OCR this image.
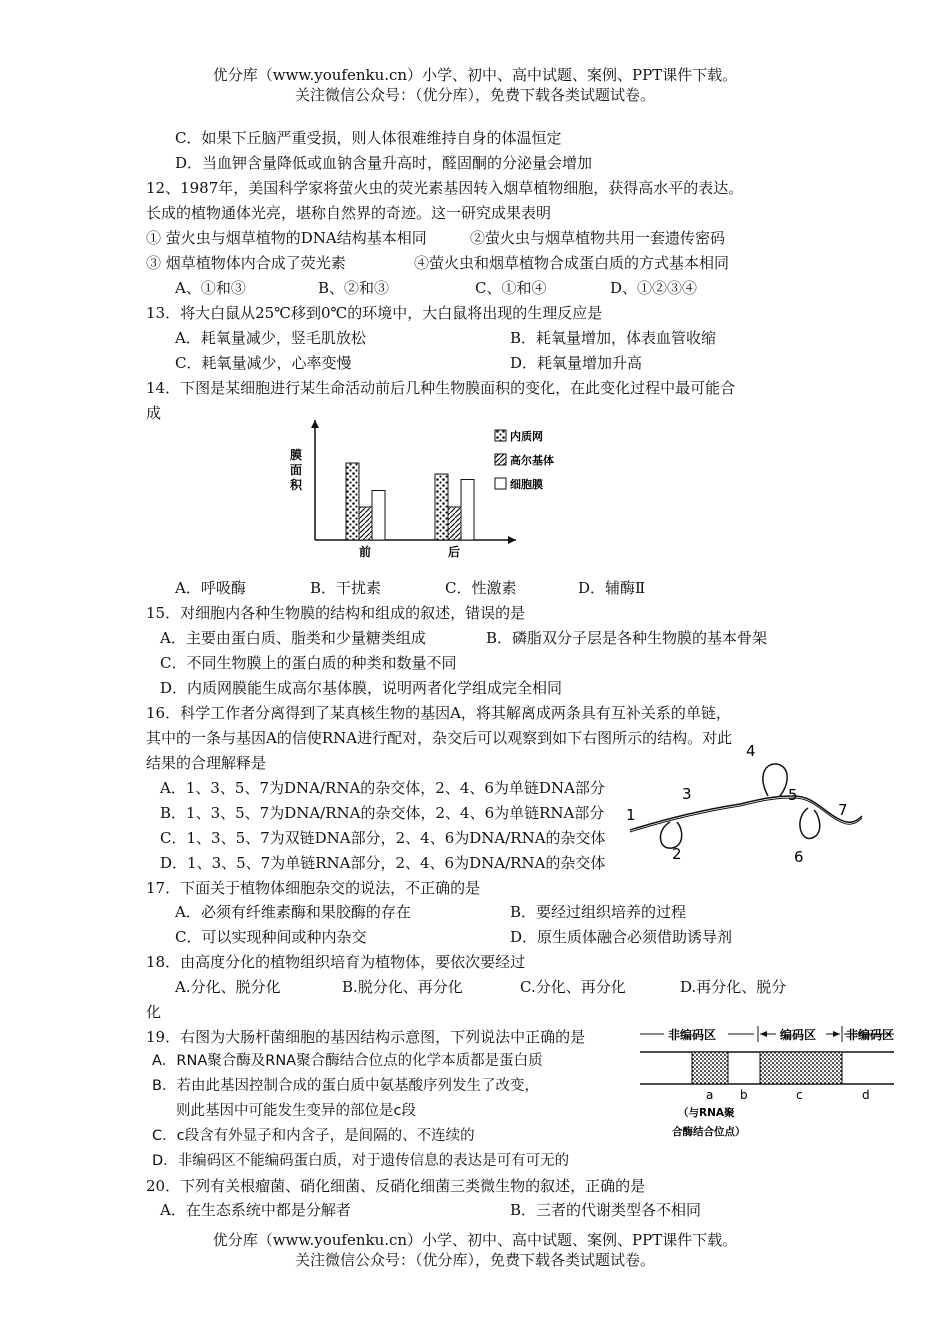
优分库（www.youfenku.cn）小学、初中、高中试题、案例、PPT课件下载。
关注微信公众号：（优分库），免费下载各类试题试卷。
C．如果下丘脑严重受损，则人体很难维持自身的体温恒定
D．当血钾含量降低或血钠含量升高时，醛固酮的分泌量会增加
12、1987年，美国科学家将萤火虫的荧光素基因转入烟草植物细胞，获得高水平的表达。
长成的植物通体光亮，堪称自然界的奇迹。这一研究成果表明
① 萤火虫与烟草植物的DNA结构基本相同	②萤火虫与烟草植物共用一套遗传密码
③ 烟草植物体内合成了荧光素	④萤火虫和烟草植物合成蛋白质的方式基本相同
A、①和③	B、②和③	C、①和④	D、①②③④
13．将大白鼠从25℃移到0℃的环境中，大白鼠将出现的生理反应是
A．耗氧量减少，竖毛肌放松	B．耗氧量增加，体表血管收缩
C．耗氧量减少，心率变慢	D．耗氧量增加升高
14．下图是某细胞进行某生命活动前后几种生物膜面积的变化，在此变化过程中最可能合
成
膜
面
积
前	后
内质网
高尔基体
细胞膜
A．呼吸酶	B．干扰素	C．性激素	D．辅酶Ⅱ
15．对细胞内各种生物膜的结构和组成的叙述，错误的是
A．主要由蛋白质、脂类和少量糖类组成	B．磷脂双分子层是各种生物膜的基本骨架
C．不同生物膜上的蛋白质的种类和数量不同
D．内质网膜能生成高尔基体膜，说明两者化学组成完全相同
16．科学工作者分离得到了某真核生物的基因A，将其解离成两条具有互补关系的单链，
其中的一条与基因A的信使RNA进行配对，杂交后可以观察到如下右图所示的结构。对此
结果的合理解释是
A．1、3、5、7为DNA/RNA的杂交体，2、4、6为单链DNA部分
B．1、3、5、7为DNA/RNA的杂交体，2、4、6为单链RNA部分
C．1、3、5、7为双链DNA部分，2、4、6为DNA/RNA的杂交体
D．1、3、5、7为单链RNA部分，2、4、6为DNA/RNA的杂交体
1
2
3
4
5
6
7
17．下面关于植物体细胞杂交的说法，不正确的是
A．必须有纤维素酶和果胶酶的存在	B．要经过组织培养的过程
C．可以实现种间或种内杂交	D．原生质体融合必须借助诱导剂
18．由高度分化的植物组织培育为植物体，要依次要经过
A.分化、脱分化	B.脱分化、再分化	C.分化、再分化	D.再分化、脱分
化
19．右图为大肠杆菌细胞的基因结构示意图，下列说法中正确的是
A．RNA聚合酶及RNA聚合酶结合位点的化学本质都是蛋白质
B．若由此基因控制合成的蛋白质中氨基酸序列发生了改变，
则此基因中可能发生变异的部位是c段
C．c段含有外显子和内含子，是间隔的、不连续的
D．非编码区不能编码蛋白质，对于遗传信息的表达是可有可无的
非编码区	编码区 非编码区
a b	c	d
（与RNA聚
合酶结合位点）
20．下列有关根瘤菌、硝化细菌、反硝化细菌三类微生物的叙述，正确的是
A．在生态系统中都是分解者	B．三者的代谢类型各不相同
优分库（www.youfenku.cn）小学、初中、高中试题、案例、PPT课件下载。
关注微信公众号：（优分库），免费下载各类试题试卷。
